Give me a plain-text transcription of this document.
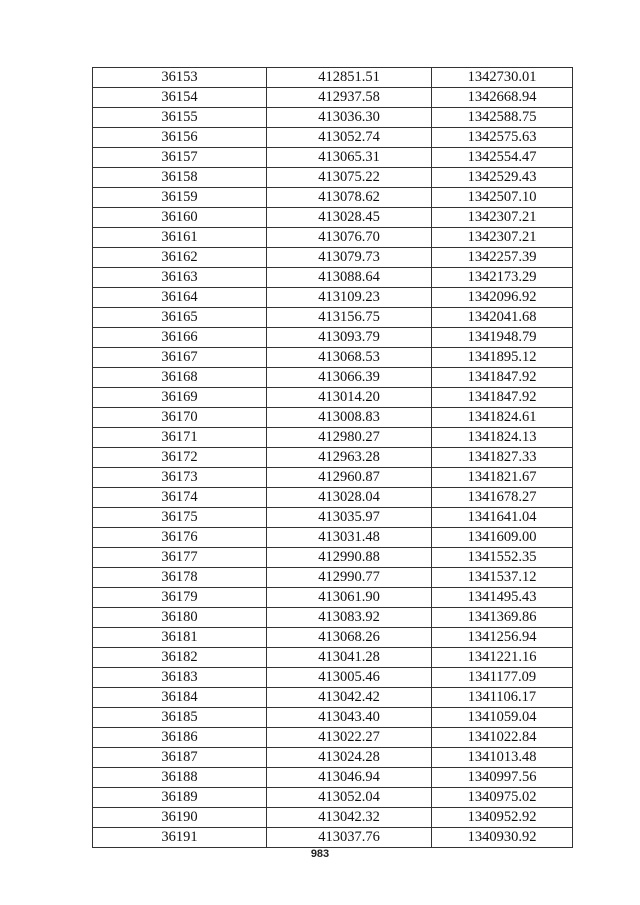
36153	412851.51	1342730.01
36154	412937.58	1342668.94
36155	413036.30	1342588.75
36156	413052.74	1342575.63
36157	413065.31	1342554.47
36158	413075.22	1342529.43
36159	413078.62	1342507.10
36160	413028.45	1342307.21
36161	413076.70	1342307.21
36162	413079.73	1342257.39
36163	413088.64	1342173.29
36164	413109.23	1342096.92
36165	413156.75	1342041.68
36166	413093.79	1341948.79
36167	413068.53	1341895.12
36168	413066.39	1341847.92
36169	413014.20	1341847.92
36170	413008.83	1341824.61
36171	412980.27	1341824.13
36172	412963.28	1341827.33
36173	412960.87	1341821.67
36174	413028.04	1341678.27
36175	413035.97	1341641.04
36176	413031.48	1341609.00
36177	412990.88	1341552.35
36178	412990.77	1341537.12
36179	413061.90	1341495.43
36180	413083.92	1341369.86
36181	413068.26	1341256.94
36182	413041.28	1341221.16
36183	413005.46	1341177.09
36184	413042.42	1341106.17
36185	413043.40	1341059.04
36186	413022.27	1341022.84
36187	413024.28	1341013.48
36188	413046.94	1340997.56
36189	413052.04	1340975.02
36190	413042.32	1340952.92
36191	413037.76	1340930.92
983
